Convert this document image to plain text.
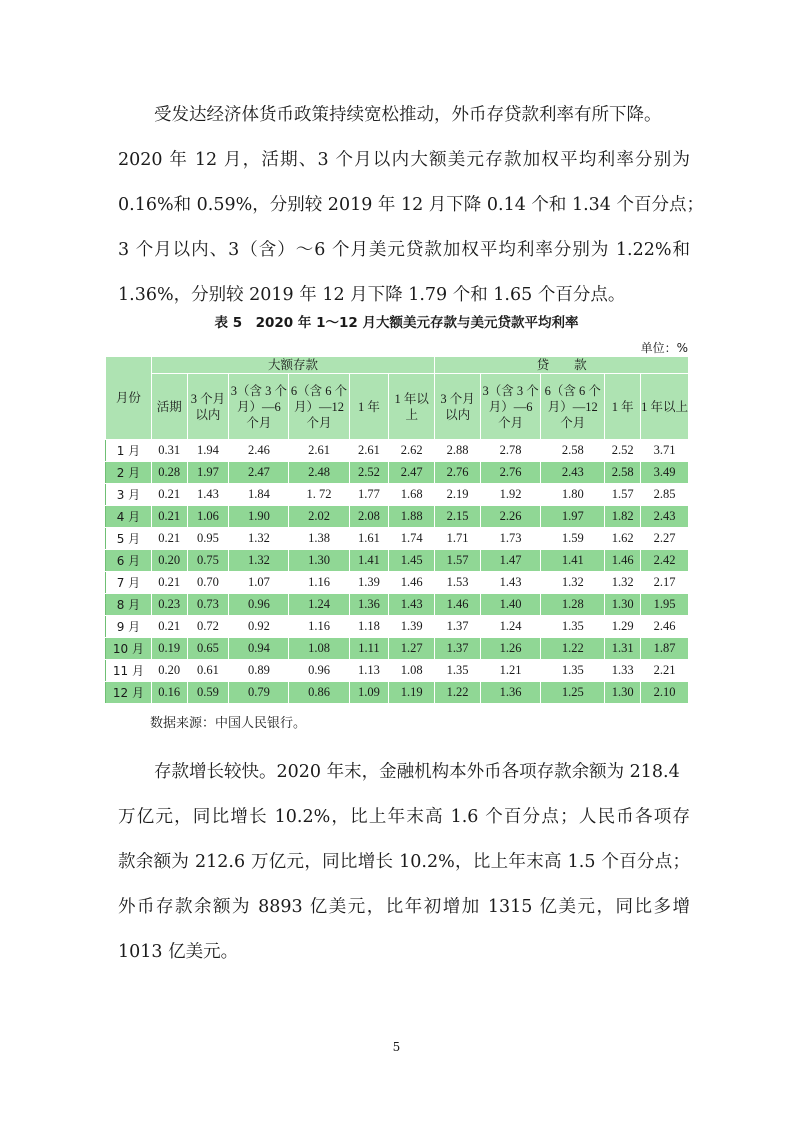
受发达经济体货币政策持续宽松推动，外币存贷款利率有所下降。

2020 年 12 月，活期、3 个月以内大额美元存款加权平均利率分别为

0.16%和 0.59%，分别较 2019 年 12 月下降 0.14 个和 1.34 个百分点；

3 个月以内、3（含）～6 个月美元贷款加权平均利率分别为 1.22%和

1.36%，分别较 2019 年 12 月下降 1.79 个和 1.65 个百分点。

表 5　2020 年 1～12 月大额美元存款与美元贷款平均利率
单位：%
月份	大额存款						贷　　款				
	活期	3 个月以内	3（含 3 个月）—6 个月	6（含 6 个月）—12 个月	1 年	1 年以上	3 个月以内	3（含 3 个月）—6 个月	6（含 6 个月）—12 个月	1 年	1 年以上
1 月	0.31	1.94	2.46	2.61	2.61	2.62	2.88	2.78	2.58	2.52	3.71
2 月	0.28	1.97	2.47	2.48	2.52	2.47	2.76	2.76	2.43	2.58	3.49
3 月	0.21	1.43	1.84	1. 72	1.77	1.68	2.19	1.92	1.80	1.57	2.85
4 月	0.21	1.06	1.90	2.02	2.08	1.88	2.15	2.26	1.97	1.82	2.43
5 月	0.21	0.95	1.32	1.38	1.61	1.74	1.71	1.73	1.59	1.62	2.27
6 月	0.20	0.75	1.32	1.30	1.41	1.45	1.57	1.47	1.41	1.46	2.42
7 月	0.21	0.70	1.07	1.16	1.39	1.46	1.53	1.43	1.32	1.32	2.17
8 月	0.23	0.73	0.96	1.24	1.36	1.43	1.46	1.40	1.28	1.30	1.95
9 月	0.21	0.72	0.92	1.16	1.18	1.39	1.37	1.24	1.35	1.29	2.46
10 月	0.19	0.65	0.94	1.08	1.11	1.27	1.37	1.26	1.22	1.31	1.87
11 月	0.20	0.61	0.89	0.96	1.13	1.08	1.35	1.21	1.35	1.33	2.21
12 月	0.16	0.59	0.79	0.86	1.09	1.19	1.22	1.36	1.25	1.30	2.10
数据来源：中国人民银行。

存款增长较快。2020 年末，金融机构本外币各项存款余额为 218.4

万亿元，同比增长 10.2%，比上年末高 1.6 个百分点；人民币各项存

款余额为 212.6 万亿元，同比增长 10.2%，比上年末高 1.5 个百分点；

外币存款余额为 8893 亿美元，比年初增加 1315 亿美元，同比多增

1013 亿美元。

5
